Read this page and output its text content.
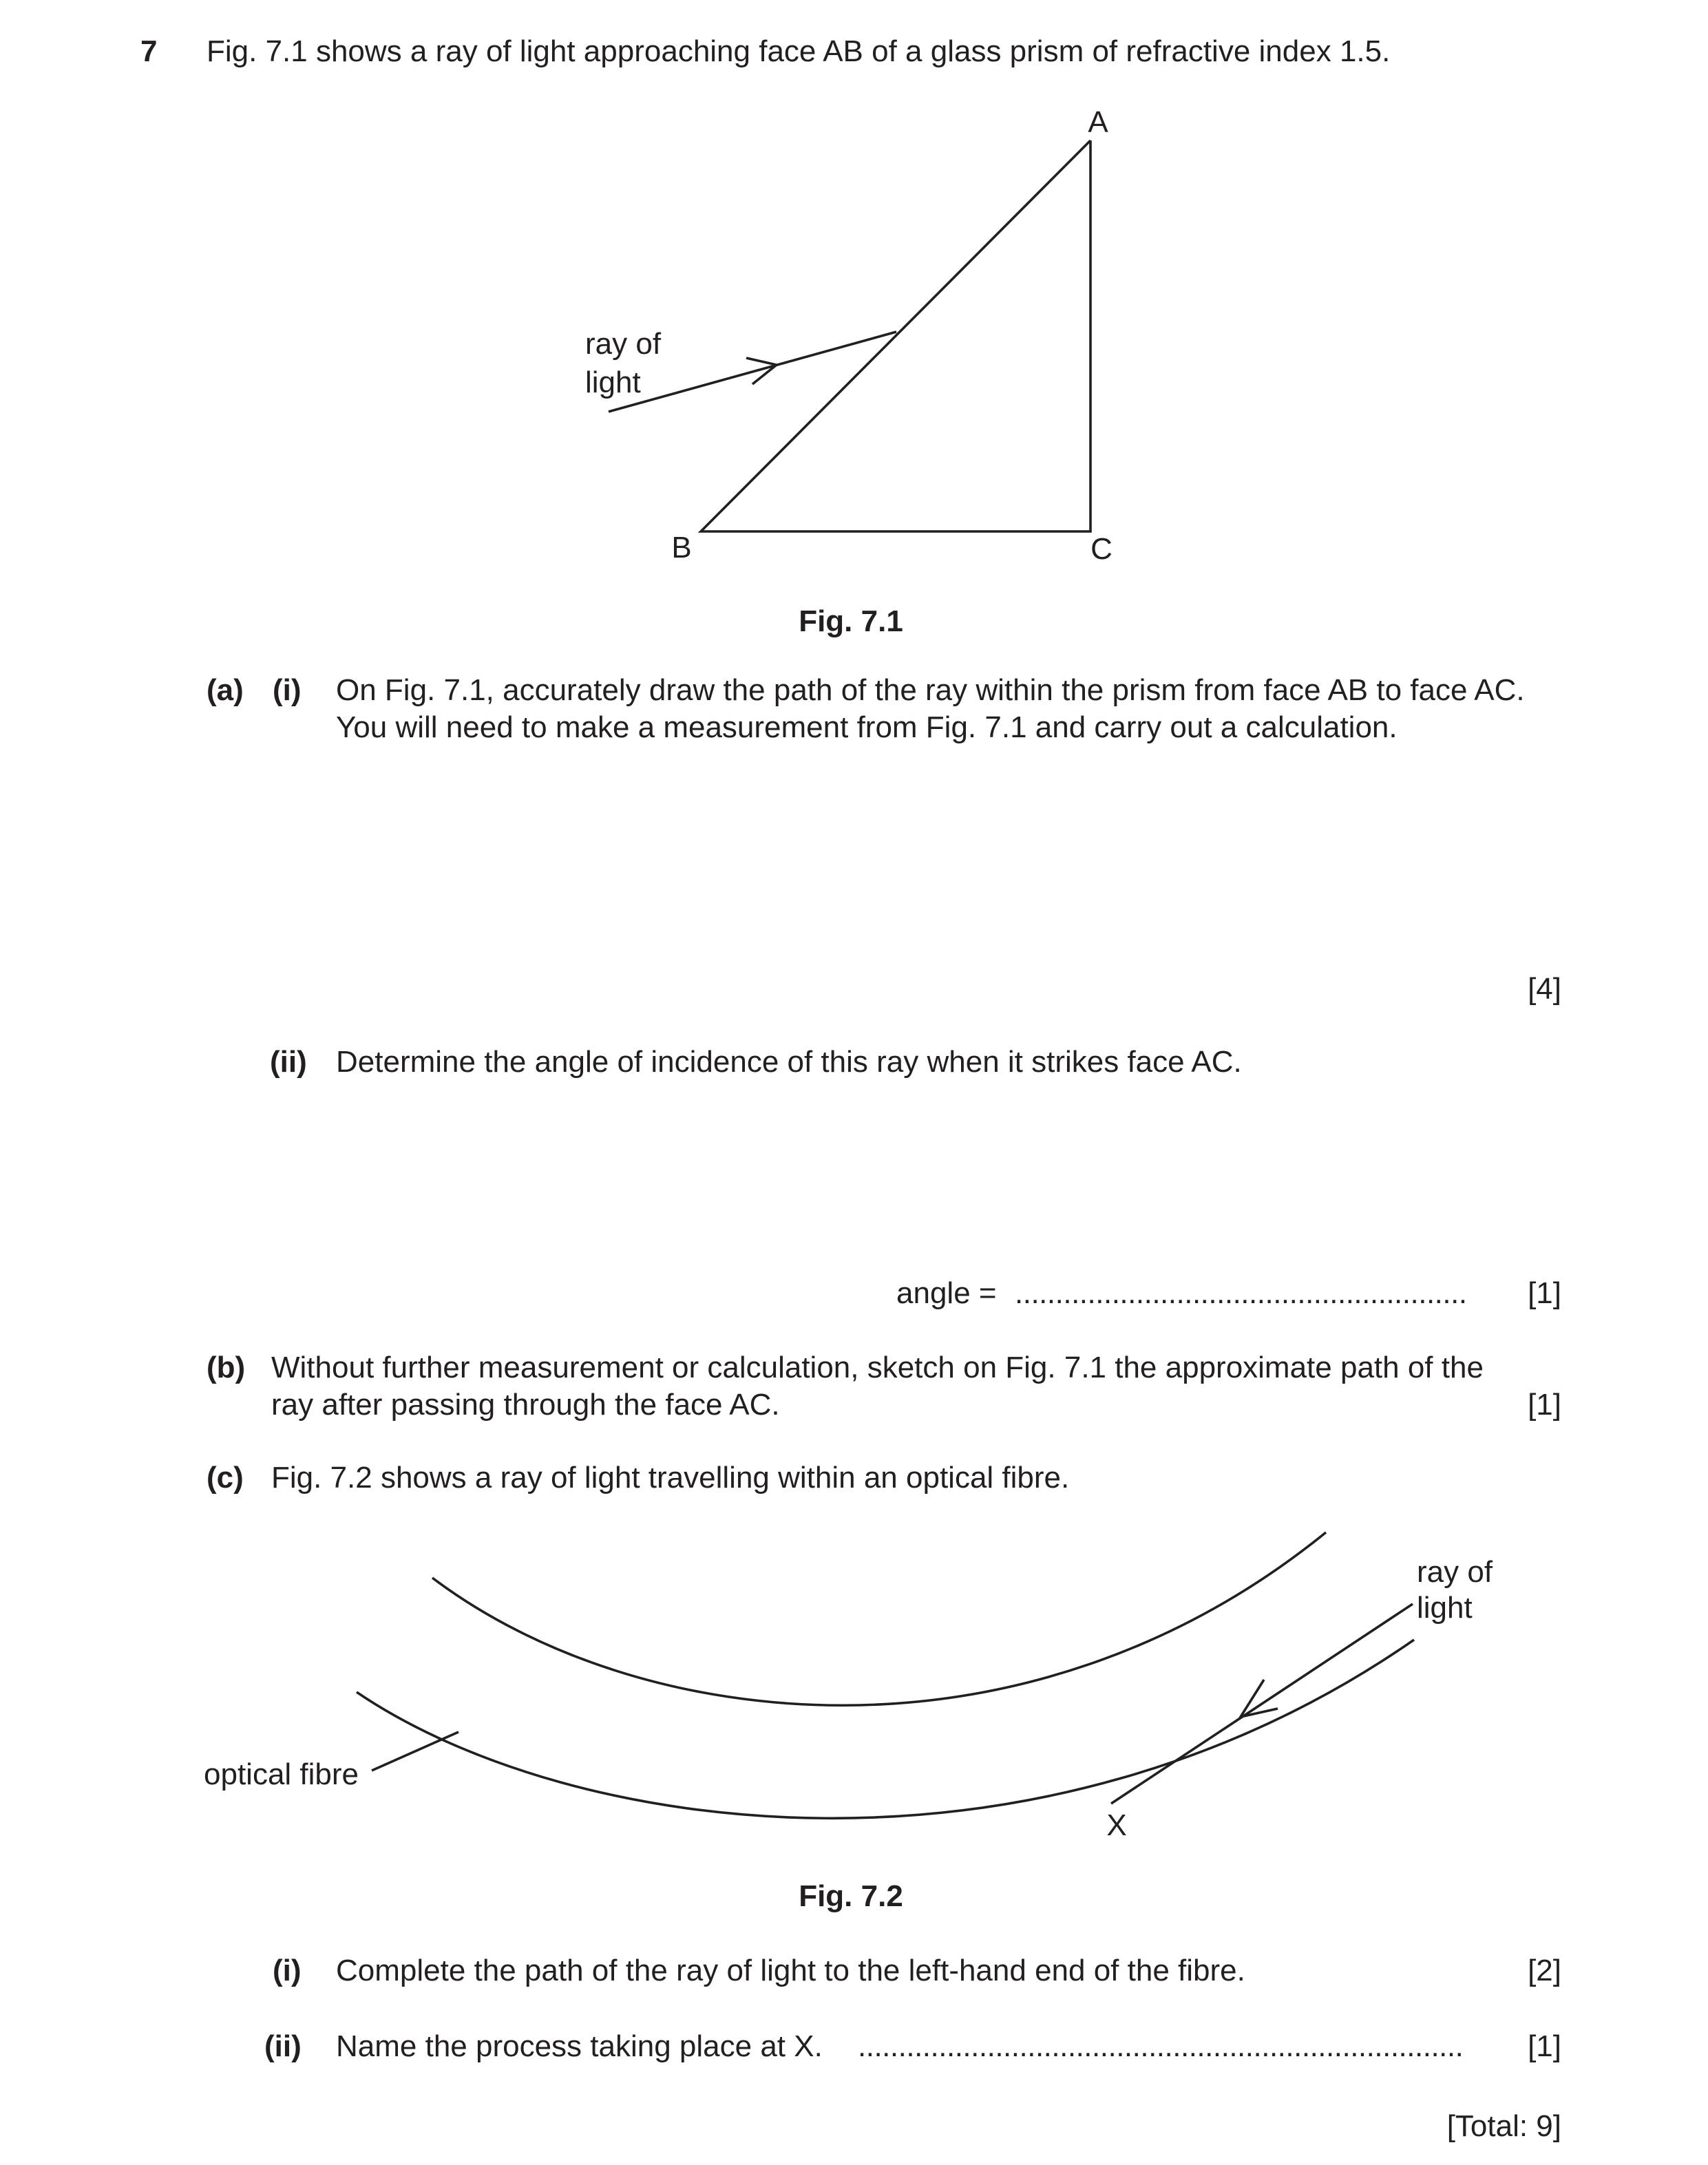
7 Fig. 7.1 shows a ray of light approaching face AB of a glass prism of refractive index 1.5.
A
B	C
ray of
light
ray of
light
optical fibre
X
Fig. 7.1
(a) (i) On Fig. 7.1, accurately draw the path of the ray within the prism from face AB to face AC.
You will need to make a measurement from Fig. 7.1 and carry out a calculation.
[4]
(ii) Determine the angle of incidence of this ray when it strikes face AC.
angle = ........................................................	[1]
(b) Without further measurement or calculation, sketch on Fig. 7.1 the approximate path of the
ray after passing through the face AC.	[1]
(c) Fig. 7.2 shows a ray of light travelling within an optical fibre.
Fig. 7.2
(i) Complete the path of the ray of light to the left-hand end of the fibre.	[2]
(ii) Name the process taking place at X. ...........................................................................	[1]
[Total: 9]
